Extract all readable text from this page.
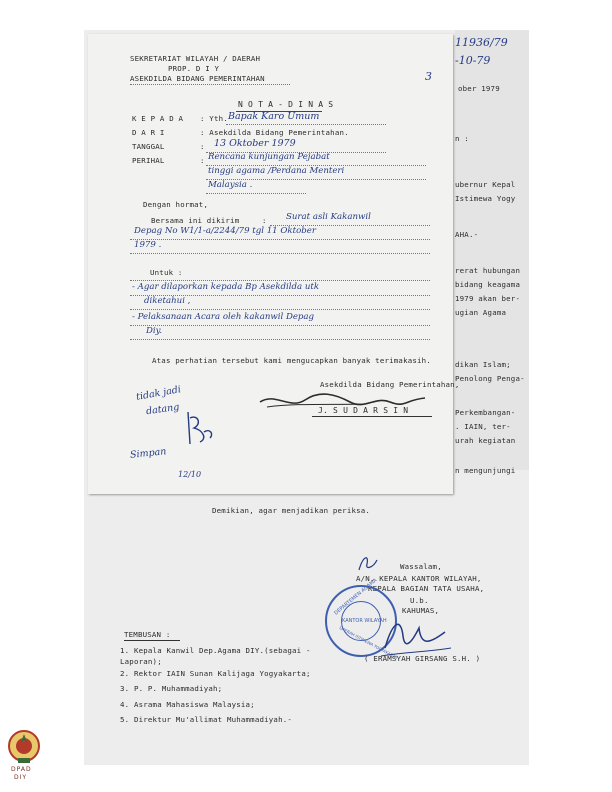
11936/79
-10-79
ober 1979
n :
ubernur Kepal
Istimewa Yogy
AHA.-
rerat hubungan
bidang keagama
1979 akan ber-
ugian Agama
dikan Islam;
Penolong Penga-
Perkembangan-
. IAIN, ter-
urah kegiatan
n mengunjungi
3
SEKRETARIAT WILAYAH / DAERAH
PROP. D I Y
ASEKDILDA BIDANG PEMERINTAHAN
N O T A - D I N A S
K E P A D A : Yth. Bapak Karo Umum
D A R I	: Asekdilda Bidang Pemerintahan.
TANGGAL	: 13 Oktober 1979
PERIHAL	: Rencana kunjungan Pejabat
tinggi agama /Perdana Menteri
Malaysia .
Dengan hormat,
Bersama ini dikirim	: Surat asli Kakanwil
Depag No W1/1-a/2244/79 tgl 11 Oktober
1979 .
Untuk :
- Agar dilaporkan kepada Bp Asekdilda utk
diketahui ,
- Pelaksanaan Acara oleh kakanwil Depag
Diy.
Atas perhatian tersebut kami mengucapkan banyak terimakasih.
Asekdilda Bidang Pemerintahan,
J. S U D A R S I N
tidak jadi
datang
Simpan
12/10
Demikian, agar menjadikan periksa.
Wassalam,
A/N. KEPALA KANTOR WILAYAH,
KEPALA BAGIAN TATA USAHA,
U.b.
KAHUMAS,
DEPARTEMEN AGAMA
KANTOR WILAYAH
DAERAH ISTIMEWA YOGYAKARTA
( ERAMSYAH GIRSANG S.H. )
TEMBUSAN :
1. Kepala Kanwil Dep.Agama DIY.(sebagai -
Laporan);
2. Rektor IAIN Sunan Kalijaga Yogyakarta;
3. P. P. Muhammadiyah;
4. Asrama Mahasiswa Malaysia;
5. Direktur Mu'allimat Muhammadiyah.-
DPAD
DIY
